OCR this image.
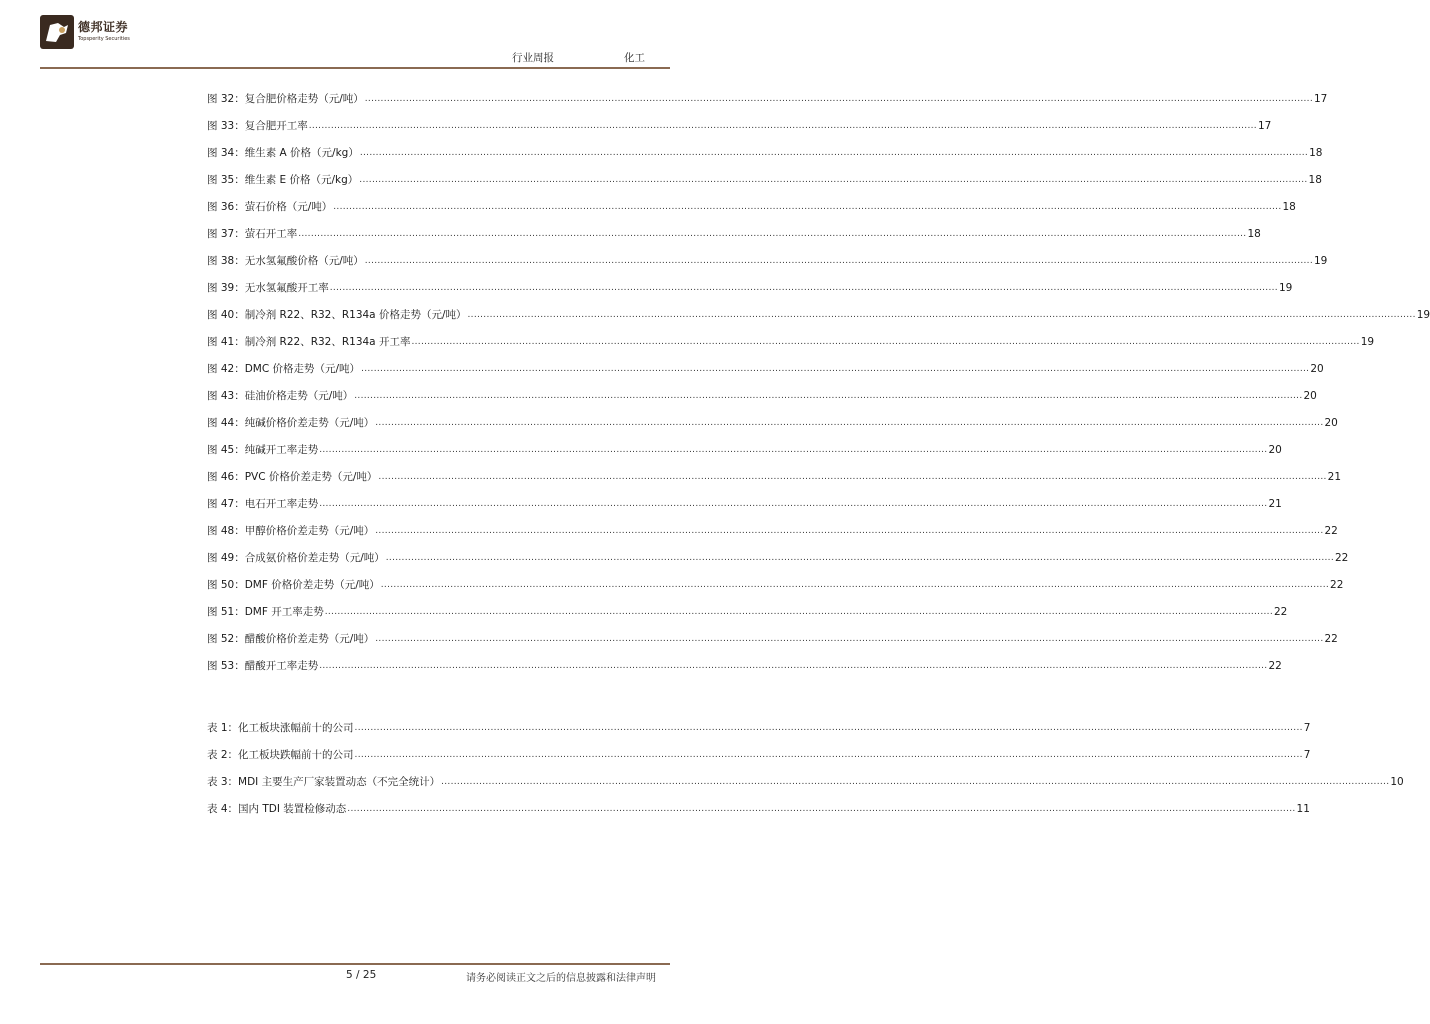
德邦证券
Topsperity Securities
行业周报	化工
图 32：复合肥价格走势（元/吨） ............................................................................................................................................................................................................................................................................................................ 17
图 33：复合肥开工率 ............................................................................................................................................................................................................................................................................................................ 17
图 34：维生素 A 价格（元/kg） ............................................................................................................................................................................................................................................................................................................ 18
图 35：维生素 E 价格（元/kg） ............................................................................................................................................................................................................................................................................................................ 18
图 36：萤石价格（元/吨） ............................................................................................................................................................................................................................................................................................................ 18
图 37：萤石开工率 ............................................................................................................................................................................................................................................................................................................ 18
图 38：无水氢氟酸价格（元/吨） ............................................................................................................................................................................................................................................................................................................ 19
图 39：无水氢氟酸开工率 ............................................................................................................................................................................................................................................................................................................ 19
图 40：制冷剂 R22、R32、R134a 价格走势（元/吨） ............................................................................................................................................................................................................................................................................................................ 19
图 41：制冷剂 R22、R32、R134a 开工率 ............................................................................................................................................................................................................................................................................................................ 19
图 42：DMC 价格走势（元/吨） ............................................................................................................................................................................................................................................................................................................ 20
图 43：硅油价格走势（元/吨） ............................................................................................................................................................................................................................................................................................................ 20
图 44：纯碱价格价差走势（元/吨） ............................................................................................................................................................................................................................................................................................................ 20
图 45：纯碱开工率走势 ............................................................................................................................................................................................................................................................................................................ 20
图 46：PVC 价格价差走势（元/吨） ............................................................................................................................................................................................................................................................................................................ 21
图 47：电石开工率走势 ............................................................................................................................................................................................................................................................................................................ 21
图 48：甲醇价格价差走势（元/吨） ............................................................................................................................................................................................................................................................................................................ 22
图 49：合成氨价格价差走势（元/吨） ............................................................................................................................................................................................................................................................................................................ 22
图 50：DMF 价格价差走势（元/吨） ............................................................................................................................................................................................................................................................................................................ 22
图 51：DMF 开工率走势 ............................................................................................................................................................................................................................................................................................................ 22
图 52：醋酸价格价差走势（元/吨） ............................................................................................................................................................................................................................................................................................................ 22
图 53：醋酸开工率走势 ............................................................................................................................................................................................................................................................................................................ 22
表 1：化工板块涨幅前十的公司 ............................................................................................................................................................................................................................................................................................................ 7
表 2：化工板块跌幅前十的公司 ............................................................................................................................................................................................................................................................................................................ 7
表 3：MDI 主要生产厂家装置动态（不完全统计） ............................................................................................................................................................................................................................................................................................................ 10
表 4：国内 TDI 装置检修动态 ............................................................................................................................................................................................................................................................................................................ 11
5 / 25	请务必阅读正文之后的信息披露和法律声明
